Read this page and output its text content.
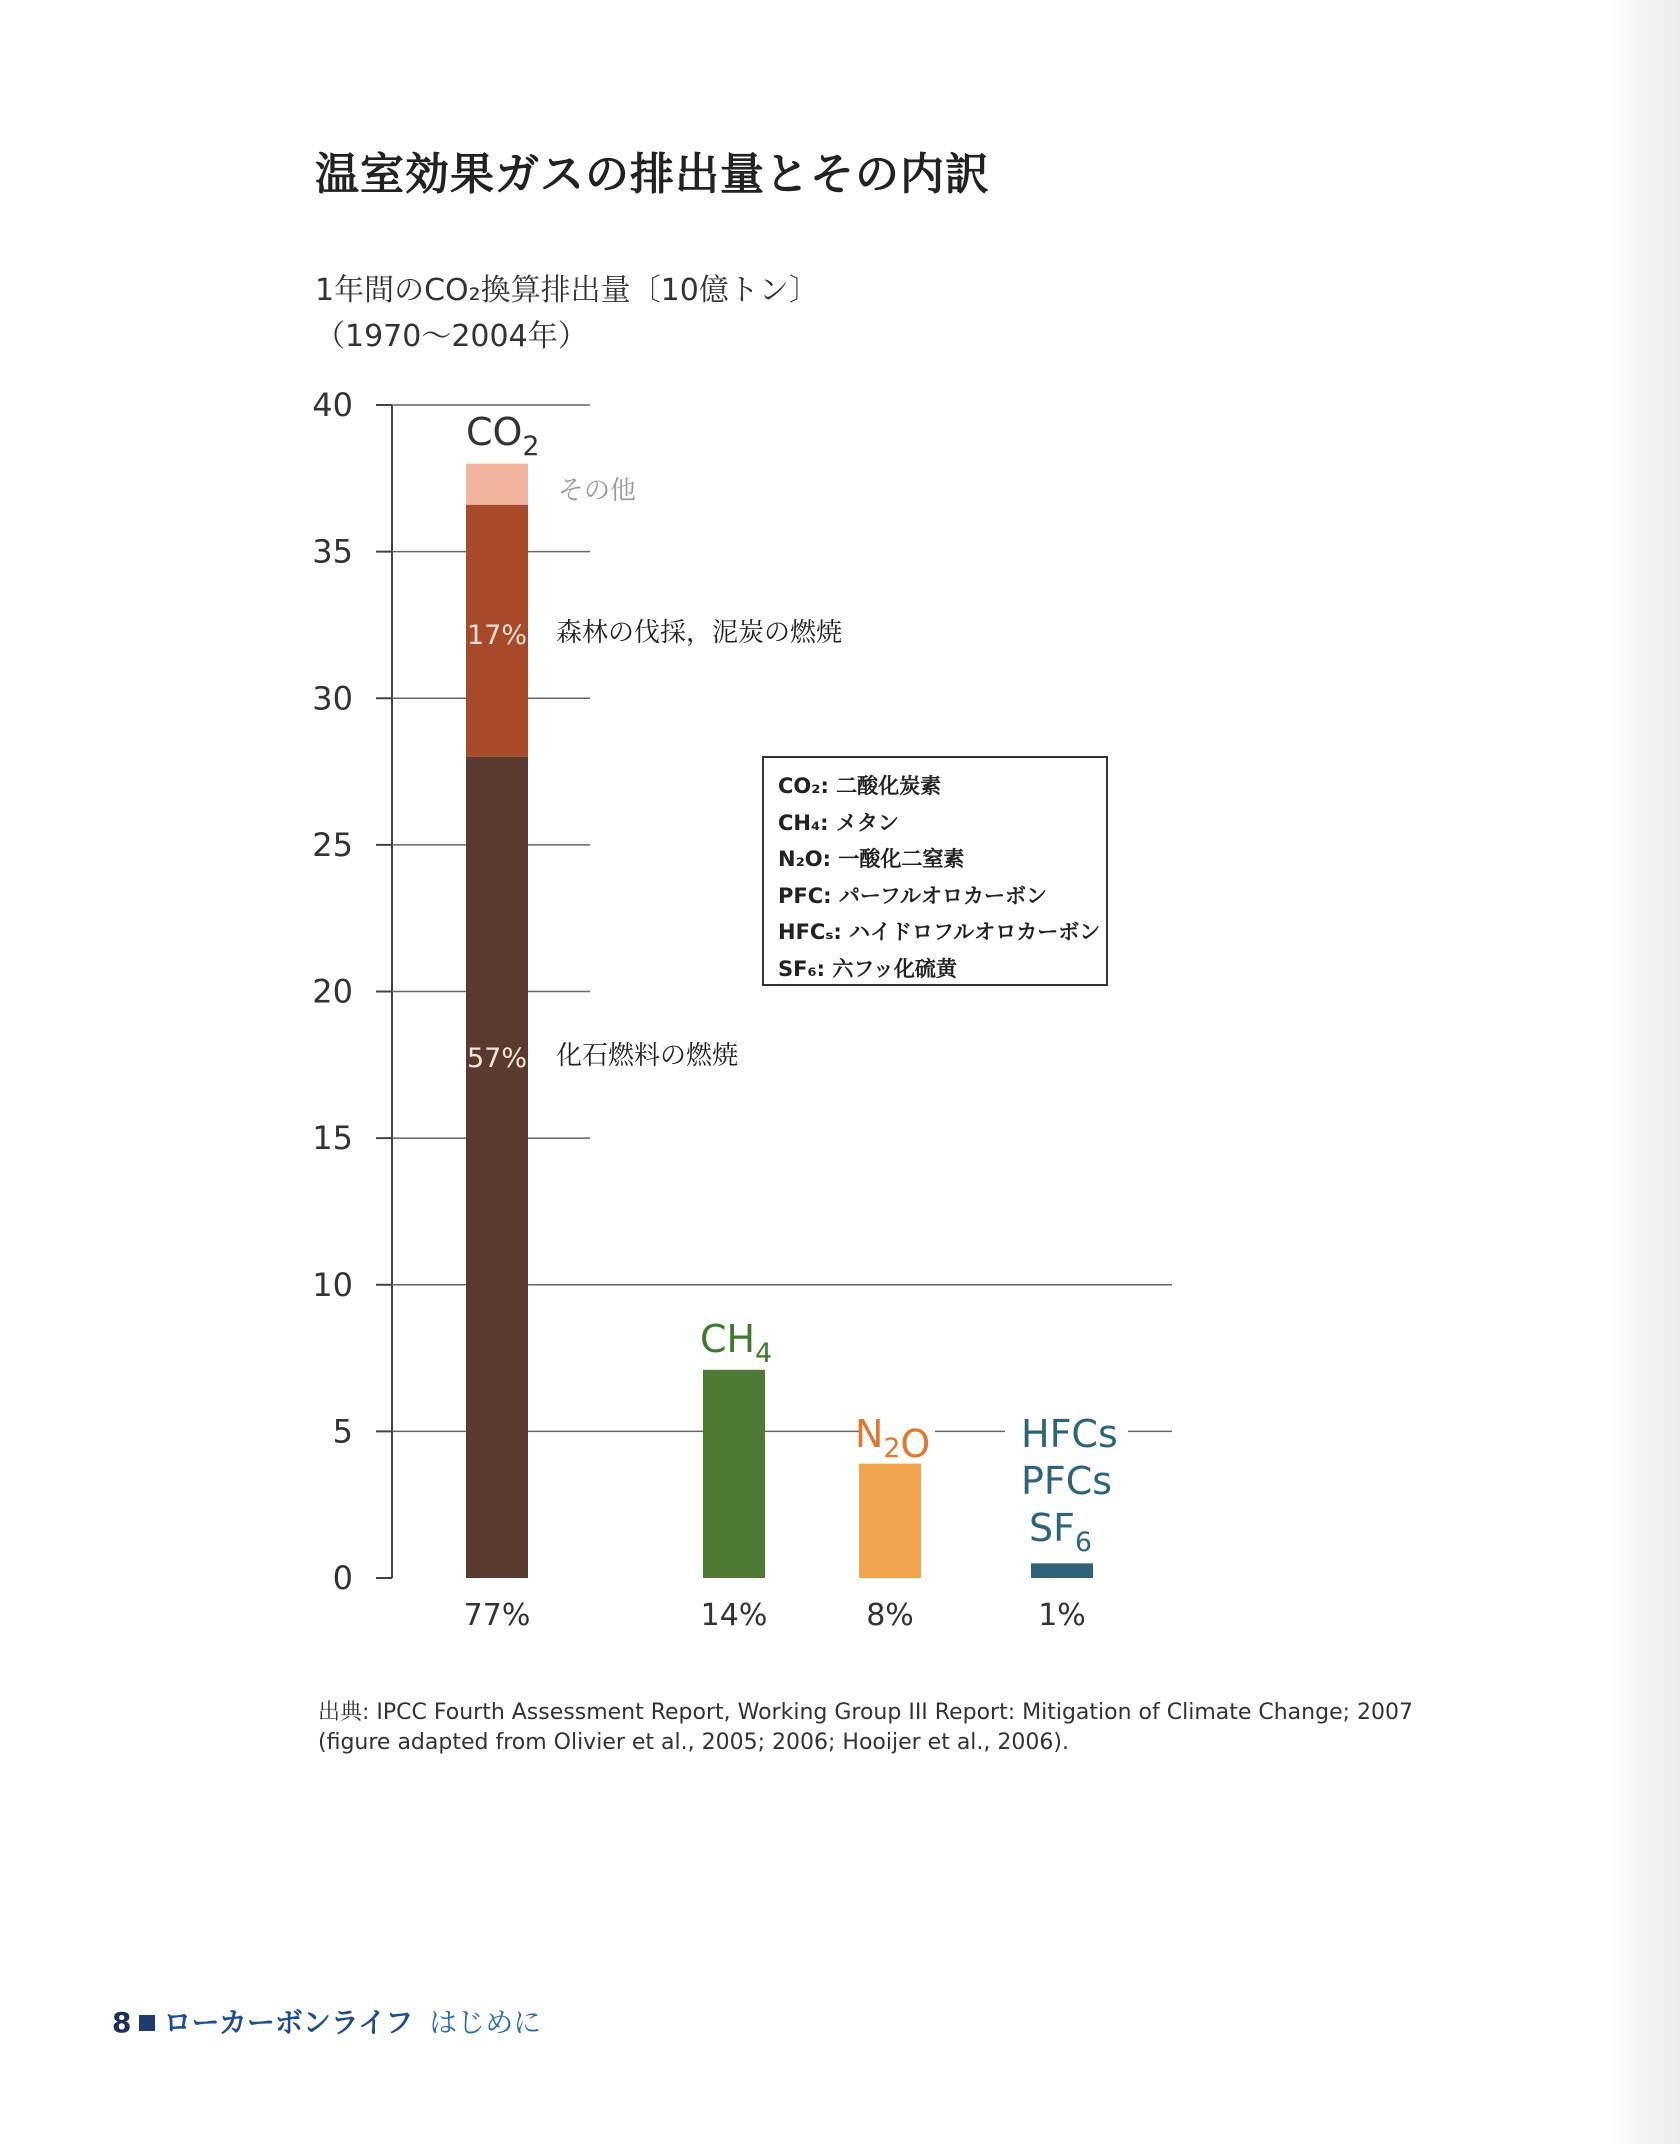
温室効果ガスの排出量とその内訳
1年間のCO₂換算排出量〔10億トン〕
（1970〜2004年）
0
5
10
15
20
25
30
35
40
57%
17%
化石燃料の燃焼
森林の伐採，泥炭の燃焼
その他
$CO_2$
$CH_4$
$N_2O$ HFCs
PFCs
$SF_6$
77%	14%	8%	1%
CO₂: 二酸化炭素
CH₄: メタン
N₂O: 一酸化二窒素
PFC: パーフルオロカーボン
HFCₛ: ハイドロフルオロカーボン
SF₆: 六フッ化硫黄
出典: IPCC Fourth Assessment Report, Working Group III Report: Mitigation of Climate Change; 2007
(figure adapted from Olivier et al., 2005; 2006; Hooijer et al., 2006).
8 ローカーボンライフ はじめに
